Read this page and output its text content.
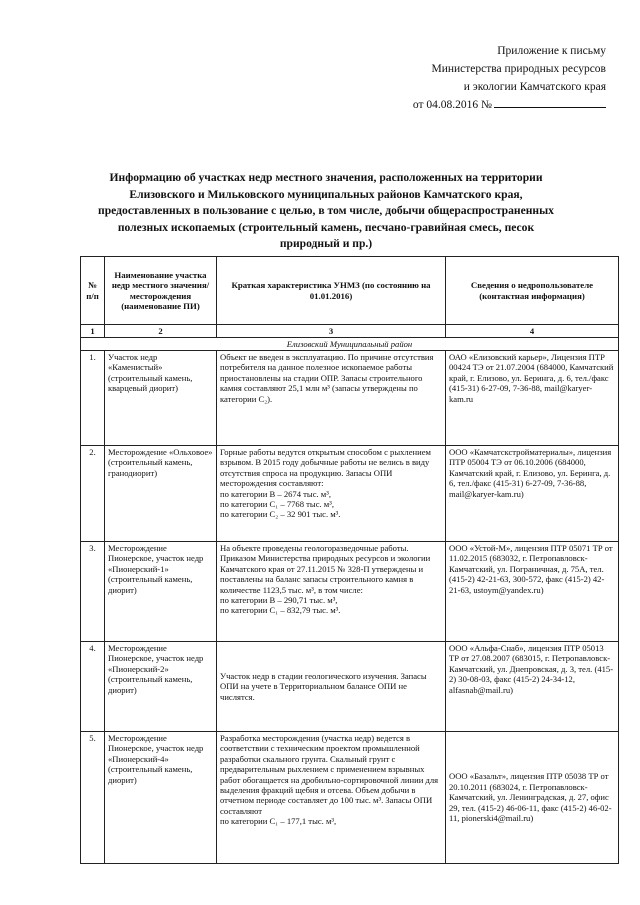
Приложение к письму
Министерства природных ресурсов
и экологии Камчатского края
от 04.08.2016 №
Информацию об участках недр местного значения, расположенных на территории Елизовского и Мильковского муниципальных районов Камчатского края, предоставленных в пользование с целью, в том числе, добычи общераспространенных полезных ископаемых (строительный камень, песчано-гравийная смесь, песок природный и пр.)
№ п/п	Наименование участка недр местного значения/ месторождения (наименование ПИ)	Краткая характеристика УНМЗ (по состоянию на 01.01.2016)	Сведения о недропользователе (контактная информация)
1	2	3	4
Елизовский Муниципальный район			
1.	Участок недр «Каменистый» (строительный камень, кварцевый диорит)	Объект не введен в эксплуатацию. По причине отсутствия потребителя на данное полезное ископаемое работы приостановлены на стадии ОПР. Запасы строительного камня составляют 25,1 млн м³ (запасы утверждены по категории С₂).	ОАО «Елизовский карьер», Лицензия ПТР 00424 ТЭ от 21.07.2004 (684000, Камчатский край, г. Елизово, ул. Беринга, д. 6, тел./факс (415-31) 6-27-09, 7-36-88, mail@karyer-kam.ru
2.	Месторождение «Ольховое» (строительный камень, гранодиорит)	Горные работы ведутся открытым способом с рыхлением взрывом. В 2015 году добычные работы не велись в виду отсутствия спроса на продукцию. Запасы ОПИ месторождения составляют:
по категории В – 2674 тыс. м³,
по категории С₁ – 7768 тыс. м³,
по категории С₂ – 32 901 тыс. м³.	ООО «Камчатскстройматериалы», лицензия ПТР 05004 ТЭ от 06.10.2006 (684000, Камчатский край, г. Елизово, ул. Беринга, д. 6, тел./факс (415-31) 6-27-09, 7-36-88, mail@karyer-kam.ru)
3.	Месторождение Пионерское, участок недр «Пионерский-1» (строительный камень, диорит)	На объекте проведены геологоразведочные работы. Приказом Министерства природных ресурсов и экологии Камчатского края от 27.11.2015 № 328-П утверждены и поставлены на баланс запасы строительного камня в количестве 1123,5 тыс. м³, в том числе:
по категории В – 290,71 тыс. м³,
по категории С₁ – 832,79 тыс. м³.	ООО «Устой-М», лицензия ПТР 05071 ТР от 11.02.2015 (683032, г. Петропавловск-Камчатский, ул. Пограничная, д. 75А, тел. (415-2) 42-21-63, 300-572, факс (415-2) 42-21-63, ustoym@yandex.ru)
4.	Месторождение Пионерское, участок недр «Пионерский-2» (строительный камень, диорит)	Участок недр в стадии геологического изучения. Запасы ОПИ на учете в Территориальном балансе ОПИ не числятся.	ООО «Альфа-Снаб», лицензия ПТР 05013 ТР от 27.08.2007 (683015, г. Петропавловск-Камчатский, ул. Днепровская, д. 3, тел. (415-2) 30-08-03, факс (415-2) 24-34-12, alfasnab@mail.ru)
5.	Месторождение Пионерское, участок недр «Пионерский-4» (строительный камень, диорит)	Разработка месторождения (участка недр) ведется в соответствии с техническим проектом промышленной разработки скального грунта. Скальный грунт с предварительным рыхлением с применением взрывных работ обогащается на дробильно-сортировочной линии для выделения фракций щебня и отсева. Объем добычи в отчетном периоде составляет до 100 тыс. м³. Запасы ОПИ составляют
по категории С₁ – 177,1 тыс. м³,	ООО «Базальт», лицензия ПТР 05038 ТР от 20.10.2011 (683024, г. Петропавловск-Камчатский, ул. Ленинградская, д. 27, офис 29, тел. (415-2) 46-06-11, факс (415-2) 46-02-11, pionerski4@mail.ru)
